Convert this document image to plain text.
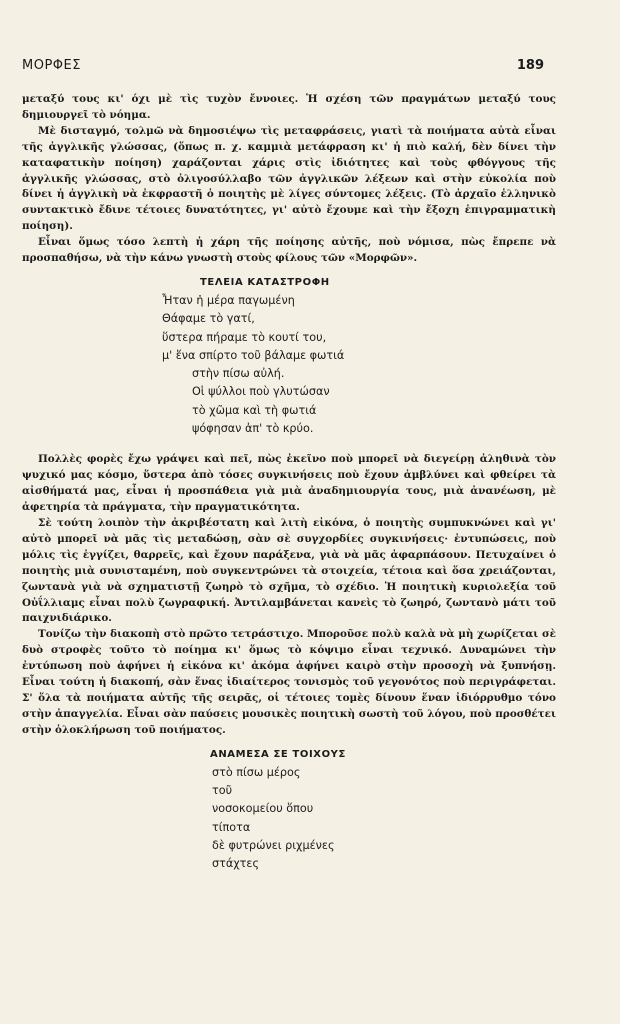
ΜΟΡΦΕΣ	189

μεταξύ τους κι' όχι μὲ τὶς τυχὸν ἔννοιες. Ἡ σχέση τῶν πραγμάτων μεταξύ τους δημιουργεῖ τὸ νόημα.

Μὲ δισταγμό, τολμῶ νὰ δημοσιέψω τὶς μεταφράσεις, γιατὶ τὰ ποιήματα αὐτὰ εἶναι τῆς ἀγγλικῆς γλώσσας, (ὅπως π. χ. καμμιὰ μετάφραση κι' ἡ πιὸ καλή, δὲν δίνει τὴν καταφατικὴν ποίηση) χαράζονται χάρις στὶς ἰδιότητες καὶ τοὺς φθόγγους τῆς ἀγγλικῆς γλώσσας, στὸ ὀλιγοσύλλαβο τῶν ἀγγλικῶν λέξεων καὶ στὴν εὐκολία ποὺ δίνει ἡ ἀγγλικὴ νὰ ἐκφραστῆ ὁ ποιητὴς μὲ λίγες σύντομες λέξεις. (Τὸ ἀρχαῖο ἑλληνικὸ συντακτικὸ ἔδινε τέτοιες δυνατότητες, γι' αὐτὸ ἔχουμε καὶ τὴν ἔξοχη ἐπιγραμματικὴ ποίηση).

Εἶναι ὅμως τόσο λεπτὴ ἡ χάρη τῆς ποίησης αὐτῆς, ποὺ νόμισα, πὼς ἔπρεπε νὰ προσπαθήσω, νὰ τὴν κάνω γνωστὴ στοὺς φίλους τῶν «Μορφῶν».

ΤΕΛΕΙΑ ΚΑΤΑΣΤΡΟΦΗ
Ἦταν ἡ μέρα παγωμένη
Θάφαμε τὸ γατί,
ὕστερα πήραμε τὸ κουτί του,
μ' ἕνα σπίρτο τοῦ βάλαμε φωτιά
στὴν πίσω αὐλή.
Οἱ ψύλλοι ποὺ γλυτώσαν
τὸ χῶμα καὶ τὴ φωτιά
ψόφησαν ἀπ' τὸ κρύο.

Πολλὲς φορὲς ἔχω γράψει καὶ πεῖ, πὼς ἐκεῖνο ποὺ μπορεῖ νὰ διεγείρῃ ἀληθινὰ τὸν ψυχικό μας κόσμο, ὕστερα ἀπὸ τόσες συγκινήσεις ποὺ ἔχουν ἀμβλύνει καὶ φθείρει τὰ αἰσθήματά μας, εἶναι ἡ προσπάθεια γιὰ μιὰ ἀναδημιουργία τους, μιὰ ἀνανέωση, μὲ ἀφετηρία τὰ πράγματα, τὴν πραγματικότητα.

Σὲ τούτη λοιπὸν τὴν ἀκριβέστατη καὶ λιτὴ εἰκόνα, ὁ ποιητὴς συμπυκνώνει καὶ γι' αὐτὸ μπορεῖ νὰ μᾶς τὶς μεταδώσῃ, σὰν σὲ συγχορδίες συγκινήσεις· ἐντυπώσεις, ποὺ μόλις τὶς ἐγγίζει, θαρρεῖς, καὶ ἔχουν παράξενα, γιὰ νὰ μᾶς ἀφαρπάσουν. Πετυχαίνει ὁ ποιητὴς μιὰ συνισταμένη, ποὺ συγκεντρώνει τὰ στοιχεία, τέτοια καὶ ὅσα χρειάζονται, ζωντανὰ γιὰ νὰ σχηματιστῇ ζωηρὸ τὸ σχῆμα, τὸ σχέδιο. Ἡ ποιητικὴ κυριολεξία τοῦ Οὐΐλλιαμς εἶναι πολὺ ζωγραφική. Ἀντιλαμβάνεται κανεὶς τὸ ζωηρό, ζωντανὸ μάτι τοῦ παιχνιδιάρικο.

Τονίζω τὴν διακοπὴ στὸ πρῶτο τετράστιχο. Μποροῦσε πολὺ καλὰ νὰ μὴ χωρίζεται σὲ δυὸ στροφὲς τοῦτο τὸ ποίημα κι' ὅμως τὸ κόψιμο εἶναι τεχνικό. Δυναμώνει τὴν ἐντύπωση ποὺ ἀφήνει ἡ εἰκόνα κι' ἀκόμα ἀφήνει καιρὸ στὴν προσοχὴ νὰ ξυπνήσῃ. Εἶναι τούτη ἡ διακοπή, σὰν ἕνας ἰδιαίτερος τονισμὸς τοῦ γεγονότος ποὺ περιγράφεται. Σ' ὅλα τὰ ποιήματα αὐτῆς τῆς σειρᾶς, οἱ τέτοιες τομὲς δίνουν ἕναν ἰδιόρρυθμο τόνο στὴν ἀπαγγελία. Εἶναι σὰν παύσεις μουσικὲς ποιητικὴ σωστὴ τοῦ λόγου, ποὺ προσθέτει στὴν ὁλοκλήρωση τοῦ ποιήματος.

ΑΝΑΜΕΣΑ ΣΕ ΤΟΙΧΟΥΣ
στὸ πίσω μέρος
τοῦ
νοσοκομείου ὅπου
τίποτα
δὲ φυτρώνει ριχμένες
στάχτες
